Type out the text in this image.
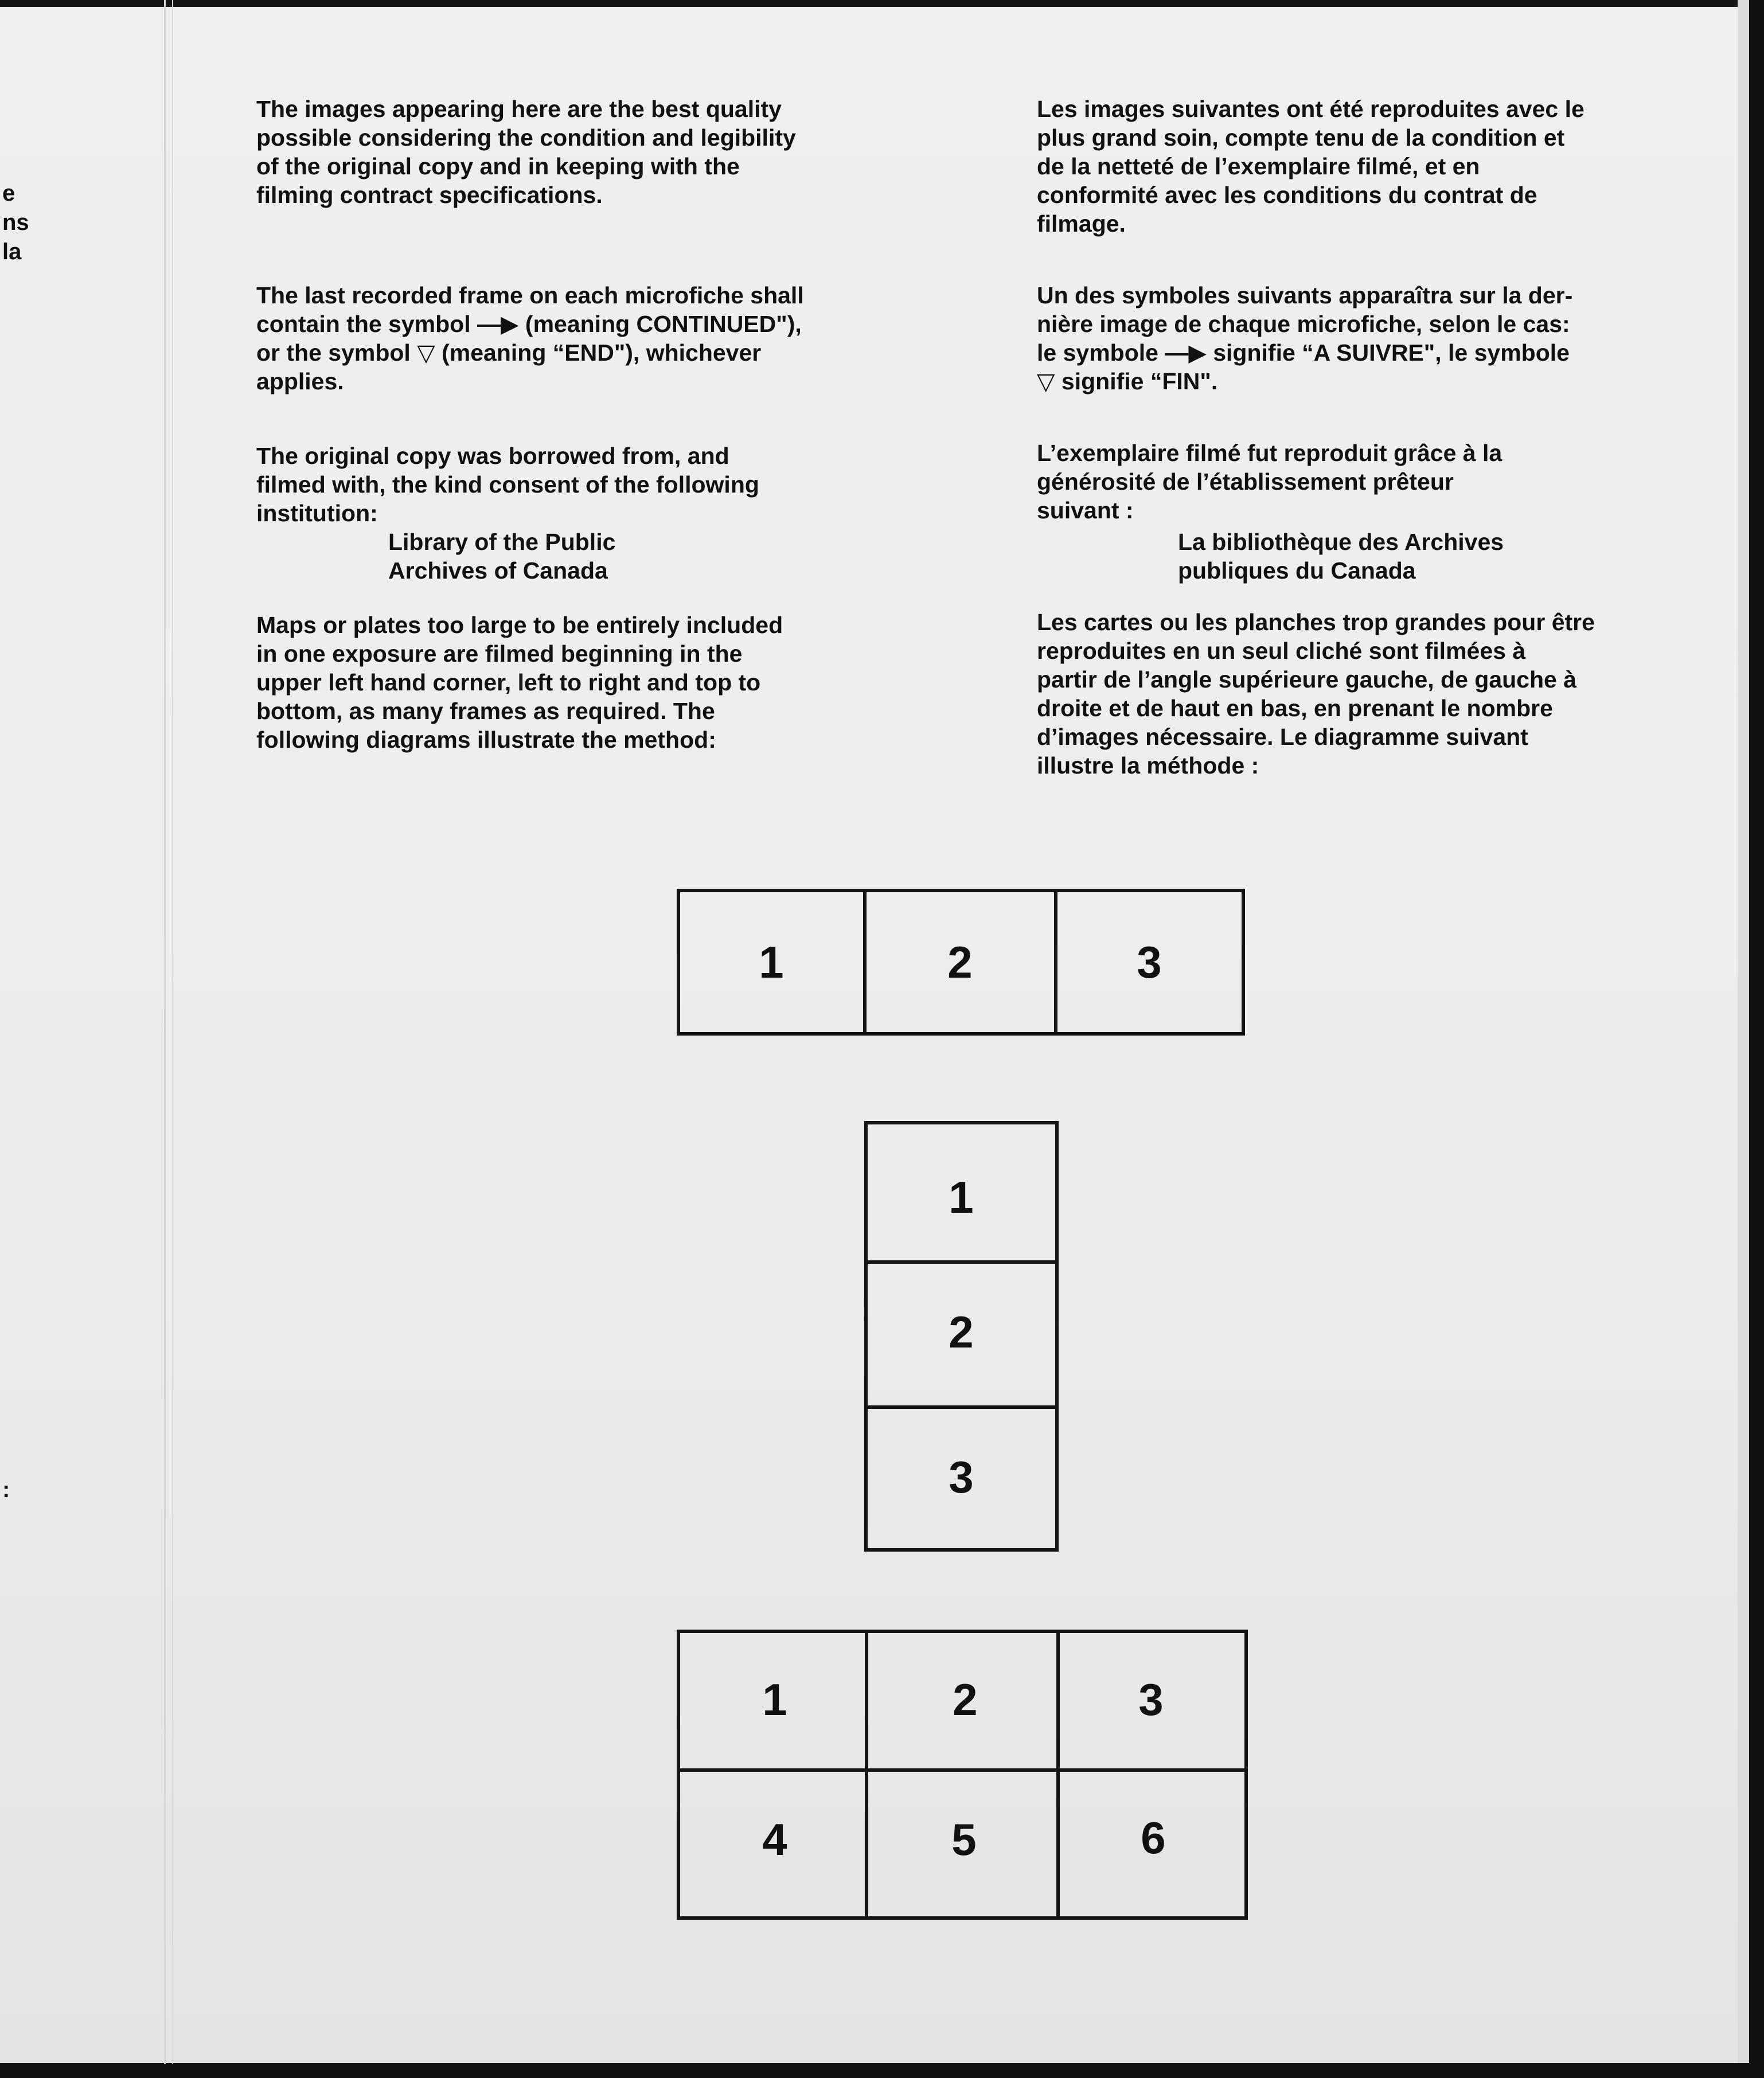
e
ns
la
:

The images appearing here are the best quality
possible considering the condition and legibility
of the original copy and in keeping with the
filming contract specifications.

The last recorded frame on each microfiche shall
contain the symbol —▶ (meaning CONTINUED"),
or the symbol ▽ (meaning “END"), whichever
applies.

The original copy was borrowed from, and
filmed with, the kind consent of the following
institution:

Library of the Public
Archives of Canada

Maps or plates too large to be entirely included
in one exposure are filmed beginning in the
upper left hand corner, left to right and top to
bottom, as many frames as required. The
following diagrams illustrate the method:

Les images suivantes ont été reproduites avec le
plus grand soin, compte tenu de la condition et
de la netteté de l’exemplaire filmé, et en
conformité avec les conditions du contrat de
filmage.

Un des symboles suivants apparaîtra sur la der-
nière image de chaque microfiche, selon le cas:
le symbole —▶ signifie “A SUIVRE", le symbole
▽ signifie “FIN".

L’exemplaire filmé fut reproduit grâce à la
générosité de l’établissement prêteur
suivant :

La bibliothèque des Archives
publiques du Canada

Les cartes ou les planches trop grandes pour être
reproduites en un seul cliché sont filmées à
partir de l’angle supérieure gauche, de gauche à
droite et de haut en bas, en prenant le nombre
d’images nécessaire. Le diagramme suivant
illustre la méthode :

1	2	3
1
2
3
1	2	3
4	5	6
